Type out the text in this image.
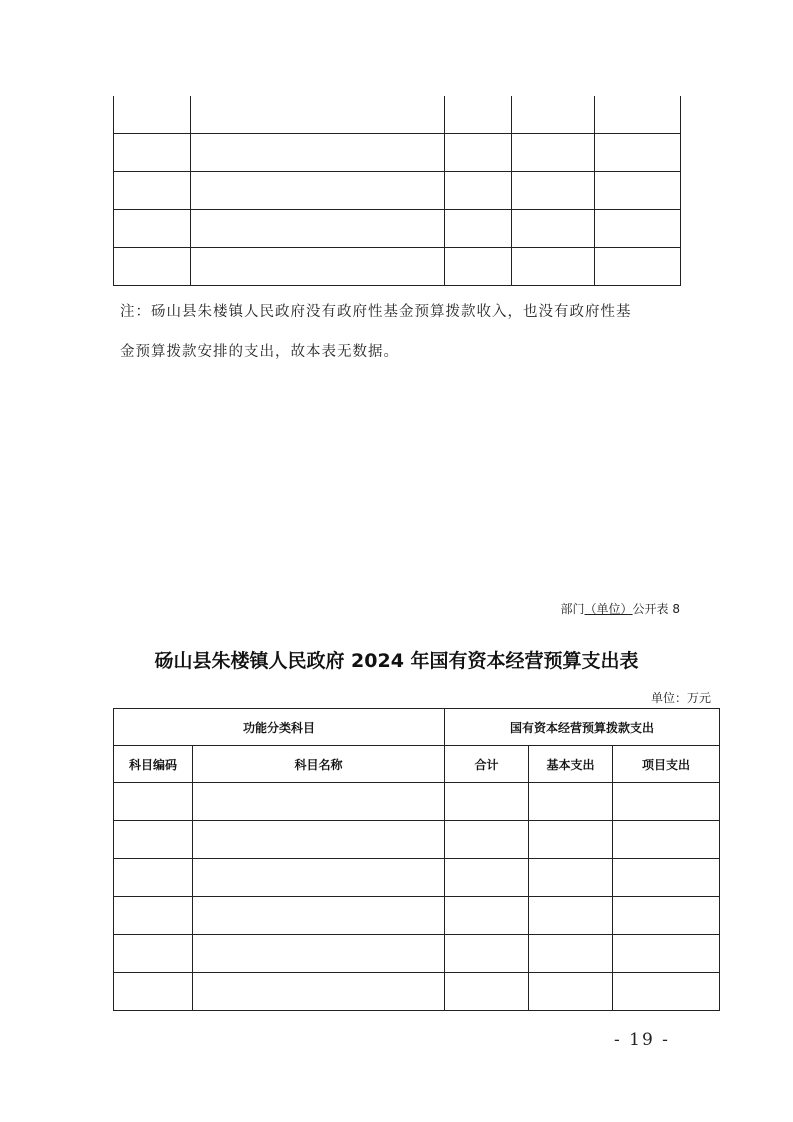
注：砀山县朱楼镇人民政府没有政府性基金预算拨款收入，也没有政府性基
金预算拨款安排的支出，故本表无数据。
部门（单位）公开表 8
砀山县朱楼镇人民政府 2024 年国有资本经营预算支出表
单位：万元
功能分类科目		国有资本经营预算拨款支出		
科目编码	科目名称	合计	基本支出	项目支出

- 19 -
